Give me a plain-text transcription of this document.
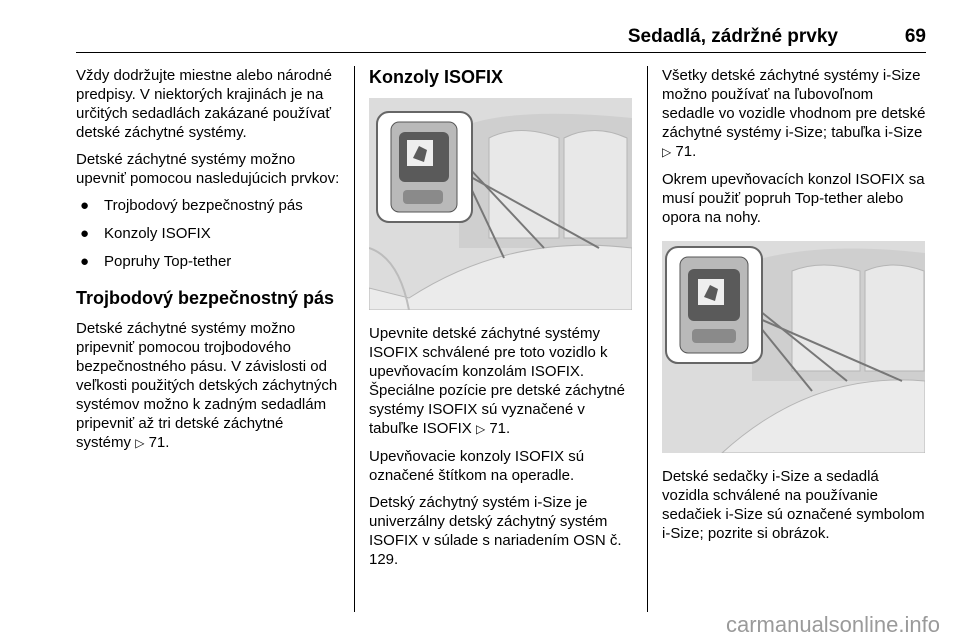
Sedadlá, zádržné prvky	69

Vždy dodržujte miestne alebo národné predpisy. V niektorých krajinách je na určitých sedadlách zakázané používať detské záchytné systémy.

Detské záchytné systémy možno upevniť pomocou nasledujúcich prvkov:

● Trojbodový bezpečnostný pás
● Konzoly ISOFIX
● Popruhy Top-tether
Trojbodový bezpečnostný pás

Detské záchytné systémy možno pripevniť pomocou trojbodového bezpečnostného pásu. V závislosti od veľkosti použitých detských záchytných systémov možno k zadným sedadlám pripevniť až tri detské záchytné systémy ▷ 71.

Konzoly ISOFIX

Upevnite detské záchytné systémy ISOFIX schválené pre toto vozidlo k upevňovacím konzolám ISOFIX. Špeciálne pozície pre detské záchytné systémy ISOFIX sú vyznačené v tabuľke ISOFIX ▷ 71.

Upevňovacie konzoly ISOFIX sú označené štítkom na operadle.

Detský záchytný systém i-Size je univerzálny detský záchytný systém ISOFIX v súlade s nariadením OSN č. 129.

Všetky detské záchytné systémy i-Size možno používať na ľubovoľnom sedadle vo vozidle vhodnom pre detské záchytné systémy i-Size; tabuľka i-Size ▷ 71.

Okrem upevňovacích konzol ISOFIX sa musí použiť popruh Top-tether alebo opora na nohy.

Detské sedačky i-Size a sedadlá vozidla schválené na používanie sedačiek i-Size sú označené symbolom i-Size; pozrite si obrázok.

carmanualsonline.info
